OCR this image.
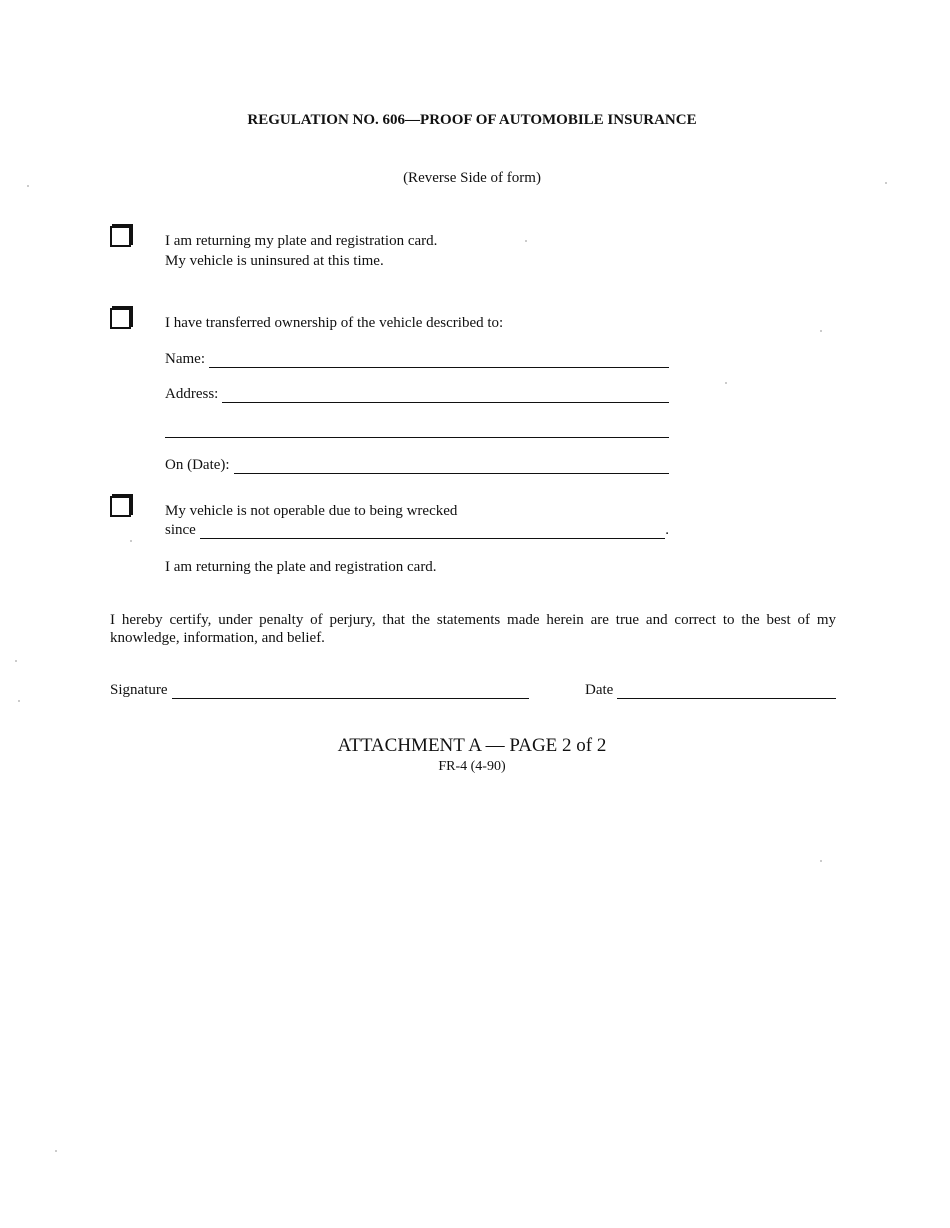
REGULATION NO. 606—PROOF OF AUTOMOBILE INSURANCE
(Reverse Side of form)
I am returning my plate and registration card.
My vehicle is uninsured at this time.
I have transferred ownership of the vehicle described to:
Name:
Address:
On (Date):
My vehicle is not operable due to being wrecked
since	.
I am returning the plate and registration card.
I hereby certify, under penalty of perjury, that the statements made herein are true and correct to the best of my knowledge, information, and belief.
Signature	Date
ATTACHMENT A — PAGE 2 of 2
FR-4 (4-90)
